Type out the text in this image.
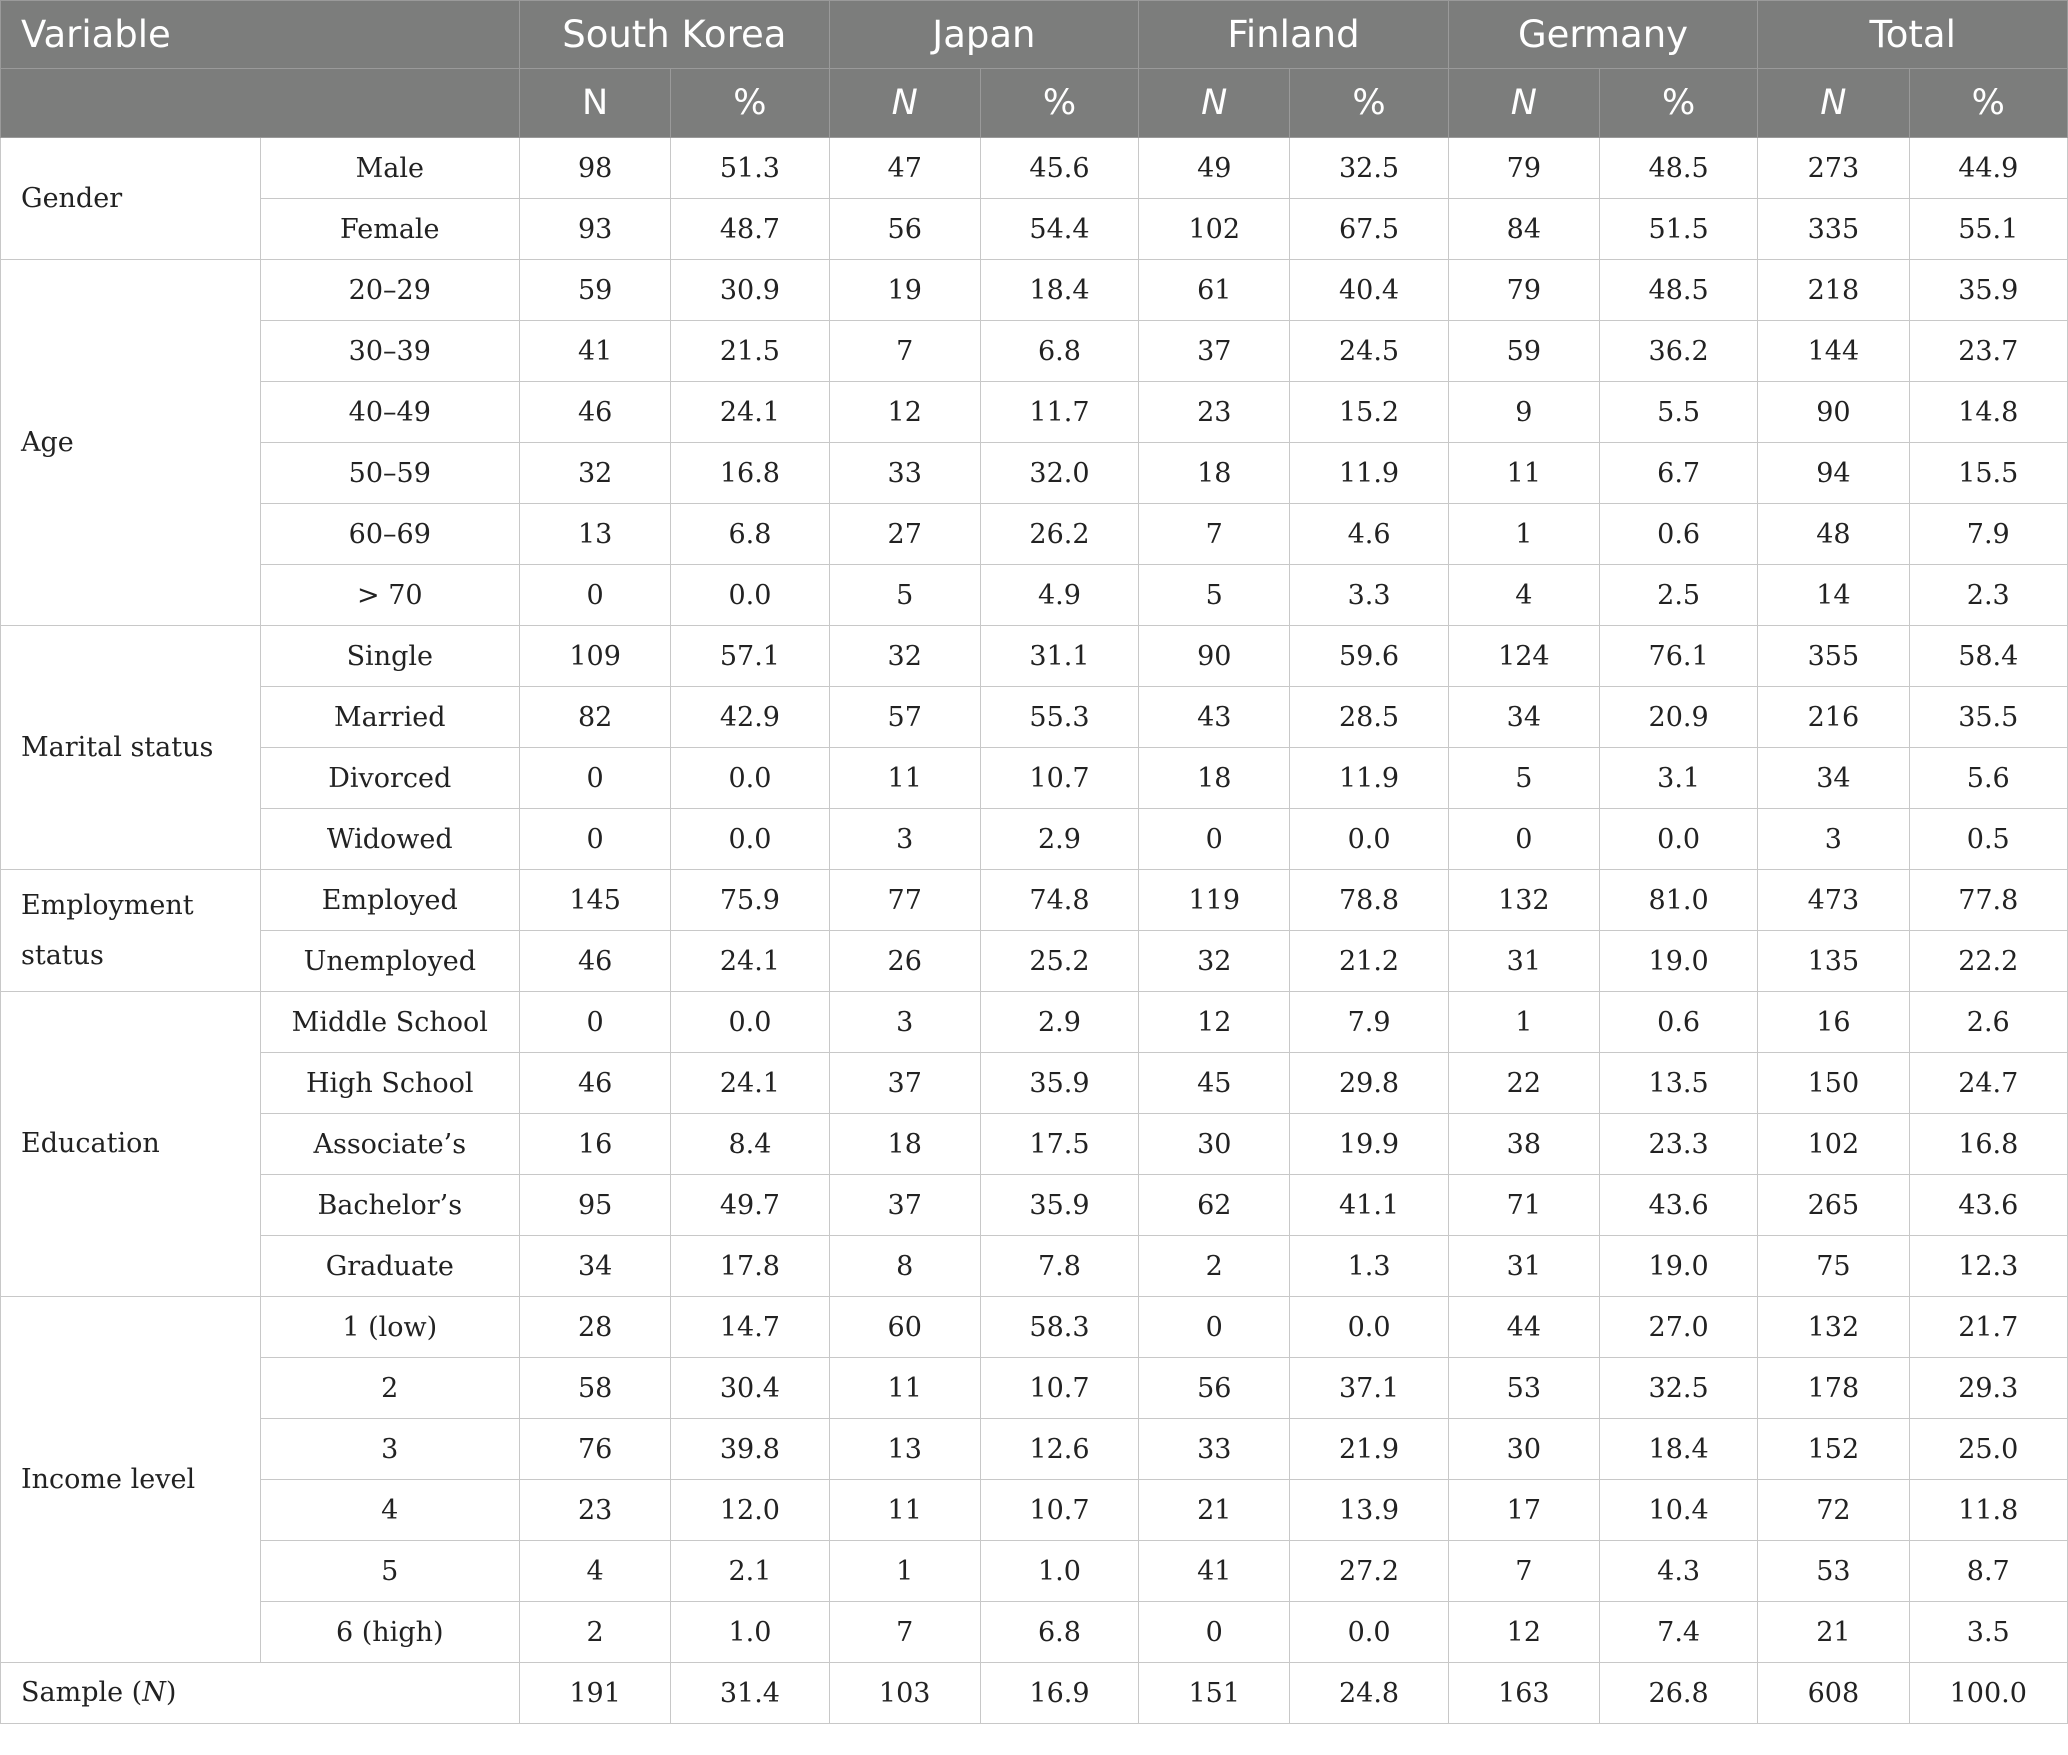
Variable		South Korea		Japan		Finland		Germany		Total	
		N	%	N	%	N	%	N	%	N	%
Gender	Male	98	51.3	47	45.6	49	32.5	79	48.5	273	44.9
	Female	93	48.7	56	54.4	102	67.5	84	51.5	335	55.1
Age	20–29	59	30.9	19	18.4	61	40.4	79	48.5	218	35.9
	30–39	41	21.5	7	6.8	37	24.5	59	36.2	144	23.7
	40–49	46	24.1	12	11.7	23	15.2	9	5.5	90	14.8
	50–59	32	16.8	33	32.0	18	11.9	11	6.7	94	15.5
	60–69	13	6.8	27	26.2	7	4.6	1	0.6	48	7.9
	> 70	0	0.0	5	4.9	5	3.3	4	2.5	14	2.3
Marital status	Single	109	57.1	32	31.1	90	59.6	124	76.1	355	58.4
	Married	82	42.9	57	55.3	43	28.5	34	20.9	216	35.5
	Divorced	0	0.0	11	10.7	18	11.9	5	3.1	34	5.6
	Widowed	0	0.0	3	2.9	0	0.0	0	0.0	3	0.5
Employment status	Employed	145	75.9	77	74.8	119	78.8	132	81.0	473	77.8
	Unemployed	46	24.1	26	25.2	32	21.2	31	19.0	135	22.2
Education	Middle School	0	0.0	3	2.9	12	7.9	1	0.6	16	2.6
	High School	46	24.1	37	35.9	45	29.8	22	13.5	150	24.7
	Associate’s	16	8.4	18	17.5	30	19.9	38	23.3	102	16.8
	Bachelor’s	95	49.7	37	35.9	62	41.1	71	43.6	265	43.6
	Graduate	34	17.8	8	7.8	2	1.3	31	19.0	75	12.3
Income level	1 (low)	28	14.7	60	58.3	0	0.0	44	27.0	132	21.7
	2	58	30.4	11	10.7	56	37.1	53	32.5	178	29.3
	3	76	39.8	13	12.6	33	21.9	30	18.4	152	25.0
	4	23	12.0	11	10.7	21	13.9	17	10.4	72	11.8
	5	4	2.1	1	1.0	41	27.2	7	4.3	53	8.7
	6 (high)	2	1.0	7	6.8	0	0.0	12	7.4	21	3.5
Sample (N)		191	31.4	103	16.9	151	24.8	163	26.8	608	100.0
